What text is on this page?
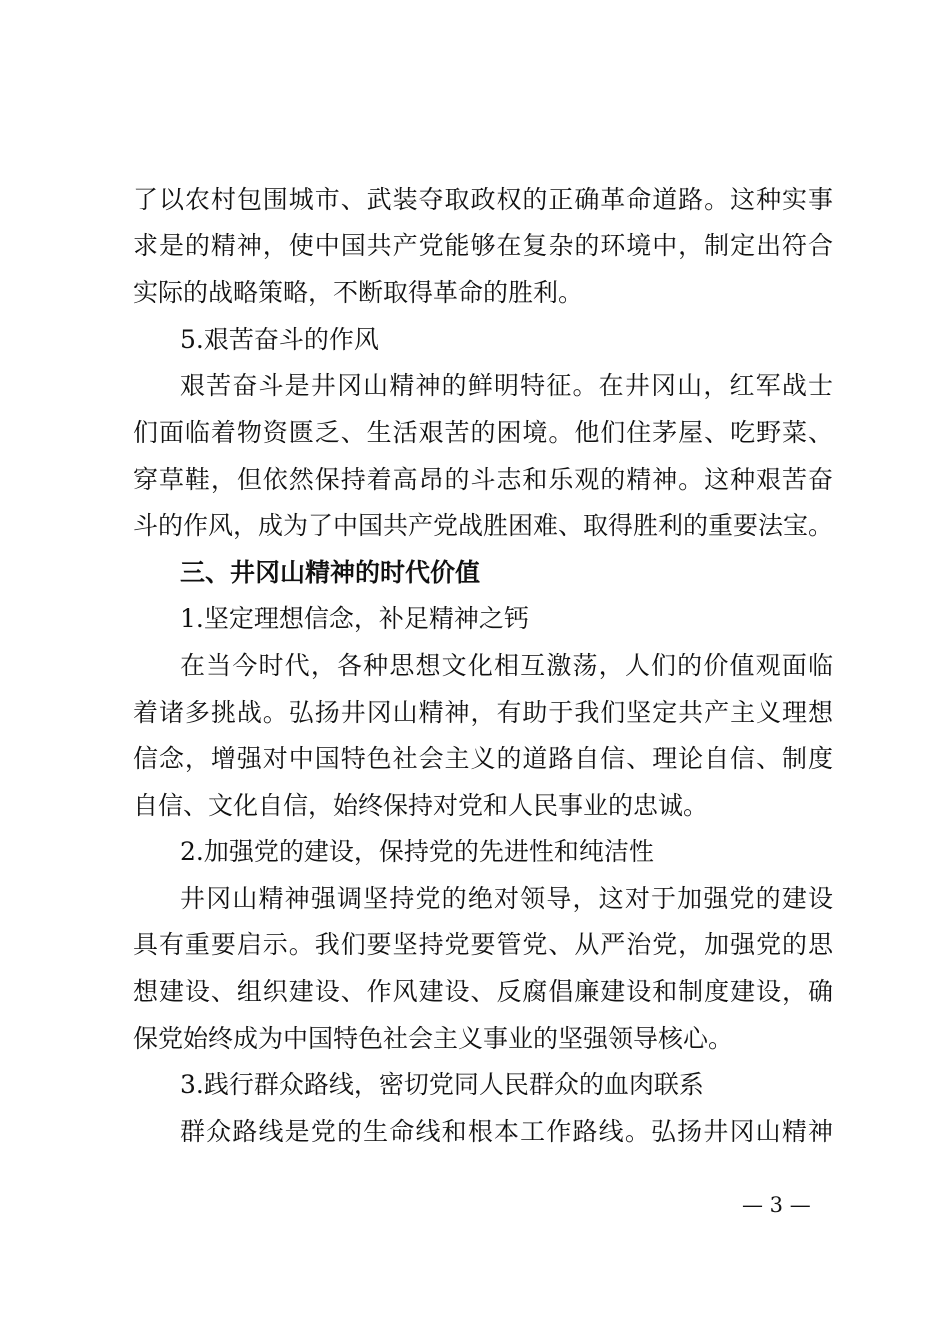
了以农村包围城市、武装夺取政权的正确革命道路。这种实事
求是的精神，使中国共产党能够在复杂的环境中，制定出符合
实际的战略策略，不断取得革命的胜利。
5.艰苦奋斗的作风
艰苦奋斗是井冈山精神的鲜明特征。在井冈山，红军战士
们面临着物资匮乏、生活艰苦的困境。他们住茅屋、吃野菜、
穿草鞋，但依然保持着高昂的斗志和乐观的精神。这种艰苦奋
斗的作风，成为了中国共产党战胜困难、取得胜利的重要法宝。
三、井冈山精神的时代价值
1.坚定理想信念，补足精神之钙
在当今时代，各种思想文化相互激荡，人们的价值观面临
着诸多挑战。弘扬井冈山精神，有助于我们坚定共产主义理想
信念，增强对中国特色社会主义的道路自信、理论自信、制度
自信、文化自信，始终保持对党和人民事业的忠诚。
2.加强党的建设，保持党的先进性和纯洁性
井冈山精神强调坚持党的绝对领导，这对于加强党的建设
具有重要启示。我们要坚持党要管党、从严治党，加强党的思
想建设、组织建设、作风建设、反腐倡廉建设和制度建设，确
保党始终成为中国特色社会主义事业的坚强领导核心。
3.践行群众路线，密切党同人民群众的血肉联系
群众路线是党的生命线和根本工作路线。弘扬井冈山精神
— 3 —
